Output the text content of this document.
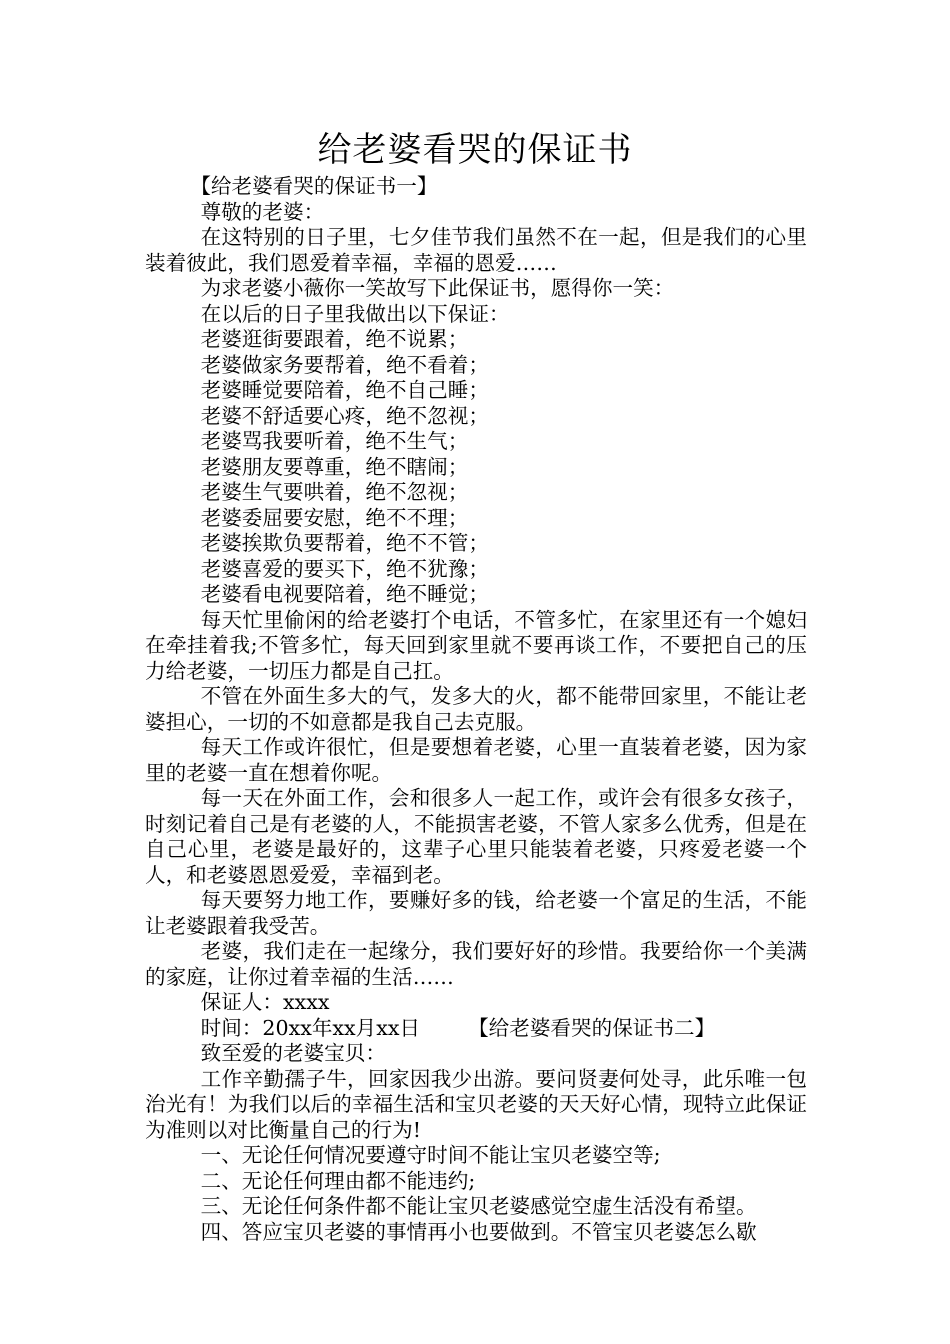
给老婆看哭的保证书

【给老婆看哭的保证书一】

尊敬的老婆：

在这特别的日子里，七夕佳节我们虽然不在一起，但是我们的心里装着彼此，我们恩爱着幸福，幸福的恩爱……

为求老婆小薇你一笑故写下此保证书，愿得你一笑：

在以后的日子里我做出以下保证：

老婆逛街要跟着，绝不说累；

老婆做家务要帮着，绝不看着；

老婆睡觉要陪着，绝不自己睡；

老婆不舒适要心疼，绝不忽视；

老婆骂我要听着，绝不生气；

老婆朋友要尊重，绝不瞎闹；

老婆生气要哄着，绝不忽视；

老婆委屈要安慰，绝不不理；

老婆挨欺负要帮着，绝不不管；

老婆喜爱的要买下，绝不犹豫；

老婆看电视要陪着，绝不睡觉；

每天忙里偷闲的给老婆打个电话，不管多忙，在家里还有一个媳妇在牵挂着我;不管多忙，每天回到家里就不要再谈工作，不要把自己的压力给老婆，一切压力都是自己扛。

不管在外面生多大的气，发多大的火，都不能带回家里，不能让老婆担心，一切的不如意都是我自己去克服。

每天工作或许很忙，但是要想着老婆，心里一直装着老婆，因为家里的老婆一直在想着你呢。

每一天在外面工作，会和很多人一起工作，或许会有很多女孩子，时刻记着自己是有老婆的人，不能损害老婆，不管人家多么优秀，但是在自己心里，老婆是最好的，这辈子心里只能装着老婆，只疼爱老婆一个人，和老婆恩恩爱爱，幸福到老。

每天要努力地工作，要赚好多的钱，给老婆一个富足的生活，不能让老婆跟着我受苦。

老婆，我们走在一起缘分，我们要好好的珍惜。我要给你一个美满的家庭，让你过着幸福的生活……

保证人：xxxx

时间：20xx年xx月xx日 【给老婆看哭的保证书二】

致至爱的老婆宝贝：

工作辛勤孺子牛，回家因我少出游。要问贤妻何处寻，此乐唯一包治光有！为我们以后的幸福生活和宝贝老婆的天天好心情，现特立此保证为准则以对比衡量自己的行为!

一、无论任何情况要遵守时间不能让宝贝老婆空等;

二、无论任何理由都不能违约;

三、无论任何条件都不能让宝贝老婆感觉空虚生活没有希望。

四、答应宝贝老婆的事情再小也要做到。不管宝贝老婆怎么歇
